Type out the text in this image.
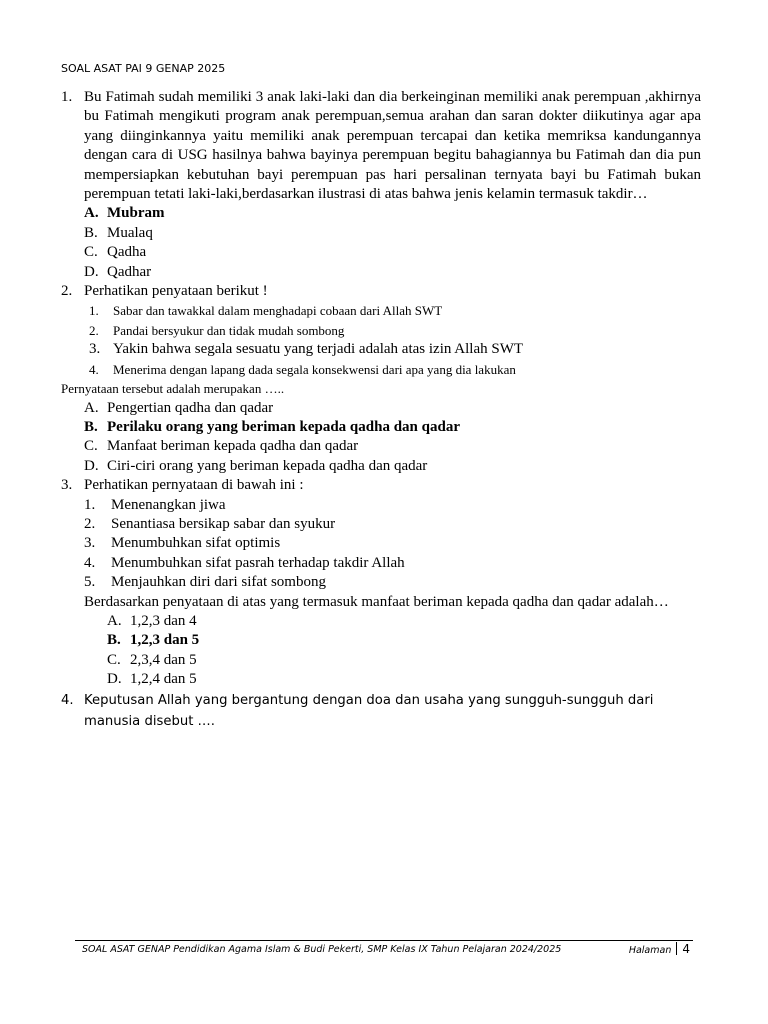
SOAL ASAT PAI 9 GENAP 2025
1. Bu Fatimah sudah memiliki 3 anak laki-laki dan dia berkeinginan memiliki anak perempuan ,akhirnya bu Fatimah mengikuti program anak perempuan,semua arahan dan saran dokter diikutinya agar apa yang diinginkannya yaitu memiliki anak perempuan tercapai dan ketika memriksa kandungannya dengan cara di USG hasilnya bahwa bayinya perempuan begitu bahagiannya bu Fatimah dan dia pun mempersiapkan kebutuhan bayi perempuan pas hari persalinan ternyata bayi bu Fatimah bukan perempuan tetati laki-laki,berdasarkan ilustrasi di atas bahwa jenis kelamin termasuk takdir…
A. Mubram
B. Mualaq
C. Qadha
D. Qadhar
2. Perhatikan penyataan berikut !
1. Sabar dan tawakkal dalam menghadapi cobaan dari Allah SWT
2. Pandai bersyukur dan tidak mudah sombong
3. Yakin bahwa segala sesuatu yang terjadi adalah atas izin Allah SWT
4. Menerima dengan lapang dada segala konsekwensi dari apa yang dia lakukan
Pernyataan tersebut adalah merupakan …..
A. Pengertian qadha dan qadar
B. Perilaku orang yang beriman kepada qadha dan qadar
C. Manfaat beriman kepada qadha dan qadar
D. Ciri-ciri orang yang beriman kepada qadha dan qadar
3. Perhatikan pernyataan di bawah ini :
1. Menenangkan jiwa
2. Senantiasa bersikap sabar dan syukur
3. Menumbuhkan sifat optimis
4. Menumbuhkan sifat pasrah terhadap takdir Allah
5. Menjauhkan diri dari sifat sombong
Berdasarkan penyataan di atas yang termasuk manfaat beriman kepada qadha dan qadar adalah…
A. 1,2,3 dan 4
B. 1,2,3 dan 5
C. 2,3,4 dan 5
D. 1,2,4 dan 5
4. Keputusan Allah yang bergantung dengan doa dan usaha yang sungguh-sungguh dari manusia disebut ….
SOAL ASAT GENAP Pendidikan Agama Islam & Budi Pekerti, SMP Kelas IX Tahun Pelajaran 2024/2025	Halaman 4
